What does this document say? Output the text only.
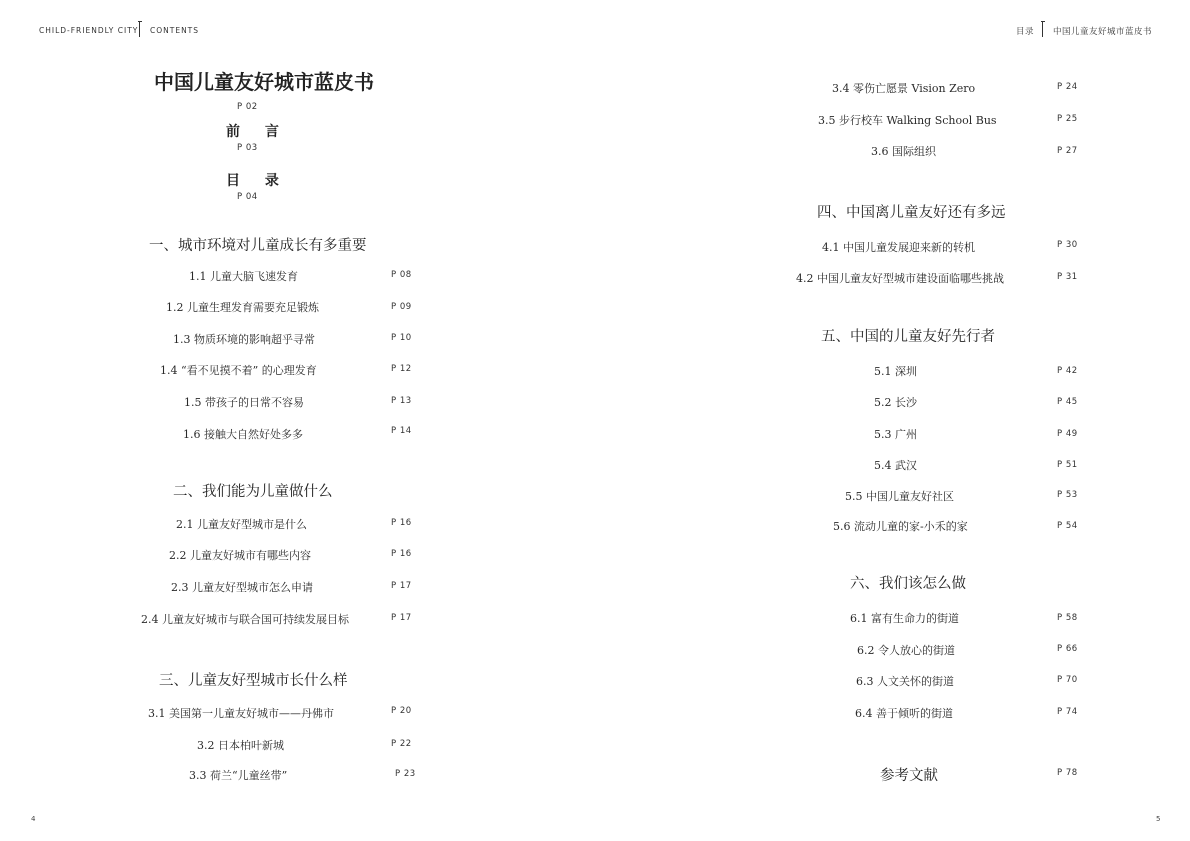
CHILD-FRIENDLY CITY CONTENTS	目录 中国儿童友好城市蓝皮书
中国儿童友好城市蓝皮书
P 02
前 言
P 03
目 录
P 04
一、城市环境对儿童成长有多重要
1.1 儿童大脑飞速发育	P 08
1.2 儿童生理发育需要充足锻炼	P 09
1.3 物质环境的影响超乎寻常	P 10
1.4 “看不见摸不着” 的心理发育	P 12
1.5 带孩子的日常不容易	P 13
1.6 接触大自然好处多多	P 14
二、我们能为儿童做什么
2.1 儿童友好型城市是什么	P 16
2.2 儿童友好城市有哪些内容	P 16
2.3 儿童友好型城市怎么申请	P 17
2.4 儿童友好城市与联合国可持续发展目标	P 17
三、儿童友好型城市长什么样
3.1 美国第一儿童友好城市——丹佛市	P 20
3.2 日本柏叶新城	P 22
3.3 荷兰“儿童丝带”	P 23
3.4 零伤亡愿景 Vision Zero	P 24
3.5 步行校车 Walking School Bus	P 25
3.6 国际组织	P 27
四、中国离儿童友好还有多远
4.1 中国儿童发展迎来新的转机	P 30
4.2 中国儿童友好型城市建设面临哪些挑战	P 31
五、中国的儿童友好先行者
5.1 深圳	P 42
5.2 长沙	P 45
5.3 广州	P 49
5.4 武汉	P 51
5.5 中国儿童友好社区	P 53
5.6 流动儿童的家-小禾的家	P 54
六、我们该怎么做
6.1 富有生命力的街道	P 58
6.2 令人放心的街道	P 66
6.3 人文关怀的街道	P 70
6.4 善于倾听的街道	P 74
参考文献	P 78
4	5
